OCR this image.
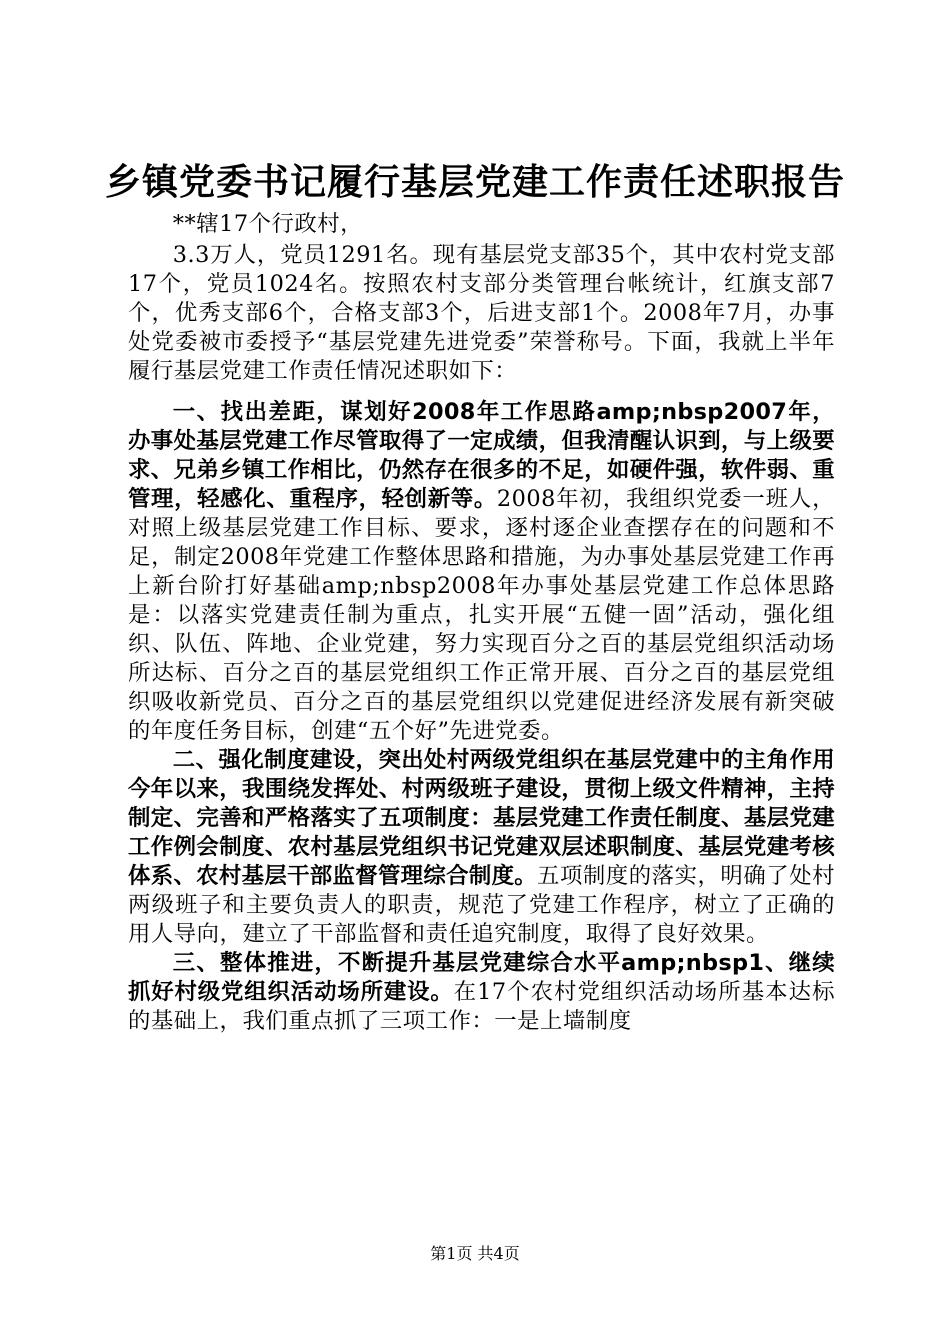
乡镇党委书记履行基层党建工作责任述职报告

**辖17个行政村，

3.3万人，党员1291名。现有基层党支部35个，其中农村党支部17个，党员1024名。按照农村支部分类管理台帐统计，红旗支部7个，优秀支部6个，合格支部3个，后进支部1个。2008年7月，办事处党委被市委授予“基层党建先进党委”荣誉称号。下面，我就上半年履行基层党建工作责任情况述职如下：

一、找出差距，谋划好2008年工作思路amp;nbsp2007年，办事处基层党建工作尽管取得了一定成绩，但我清醒认识到，与上级要求、兄弟乡镇工作相比，仍然存在很多的不足，如硬件强，软件弱、重管理，轻感化、重程序，轻创新等。2008年初，我组织党委一班人，对照上级基层党建工作目标、要求，逐村逐企业查摆存在的问题和不足，制定2008年党建工作整体思路和措施，为办事处基层党建工作再上新台阶打好基础amp;nbsp2008年办事处基层党建工作总体思路是：以落实党建责任制为重点，扎实开展“五健一固”活动，强化组织、队伍、阵地、企业党建，努力实现百分之百的基层党组织活动场所达标、百分之百的基层党组织工作正常开展、百分之百的基层党组织吸收新党员、百分之百的基层党组织以党建促进经济发展有新突破的年度任务目标，创建“五个好”先进党委。

二、强化制度建设，突出处村两级党组织在基层党建中的主角作用今年以来，我围绕发挥处、村两级班子建设，贯彻上级文件精神，主持制定、完善和严格落实了五项制度：基层党建工作责任制度、基层党建工作例会制度、农村基层党组织书记党建双层述职制度、基层党建考核体系、农村基层干部监督管理综合制度。五项制度的落实，明确了处村两级班子和主要负责人的职责，规范了党建工作程序，树立了正确的用人导向，建立了干部监督和责任追究制度，取得了良好效果。

三、整体推进，不断提升基层党建综合水平amp;nbsp1、继续抓好村级党组织活动场所建设。在17个农村党组织活动场所基本达标的基础上，我们重点抓了三项工作：一是上墙制度

第1页 共4页
